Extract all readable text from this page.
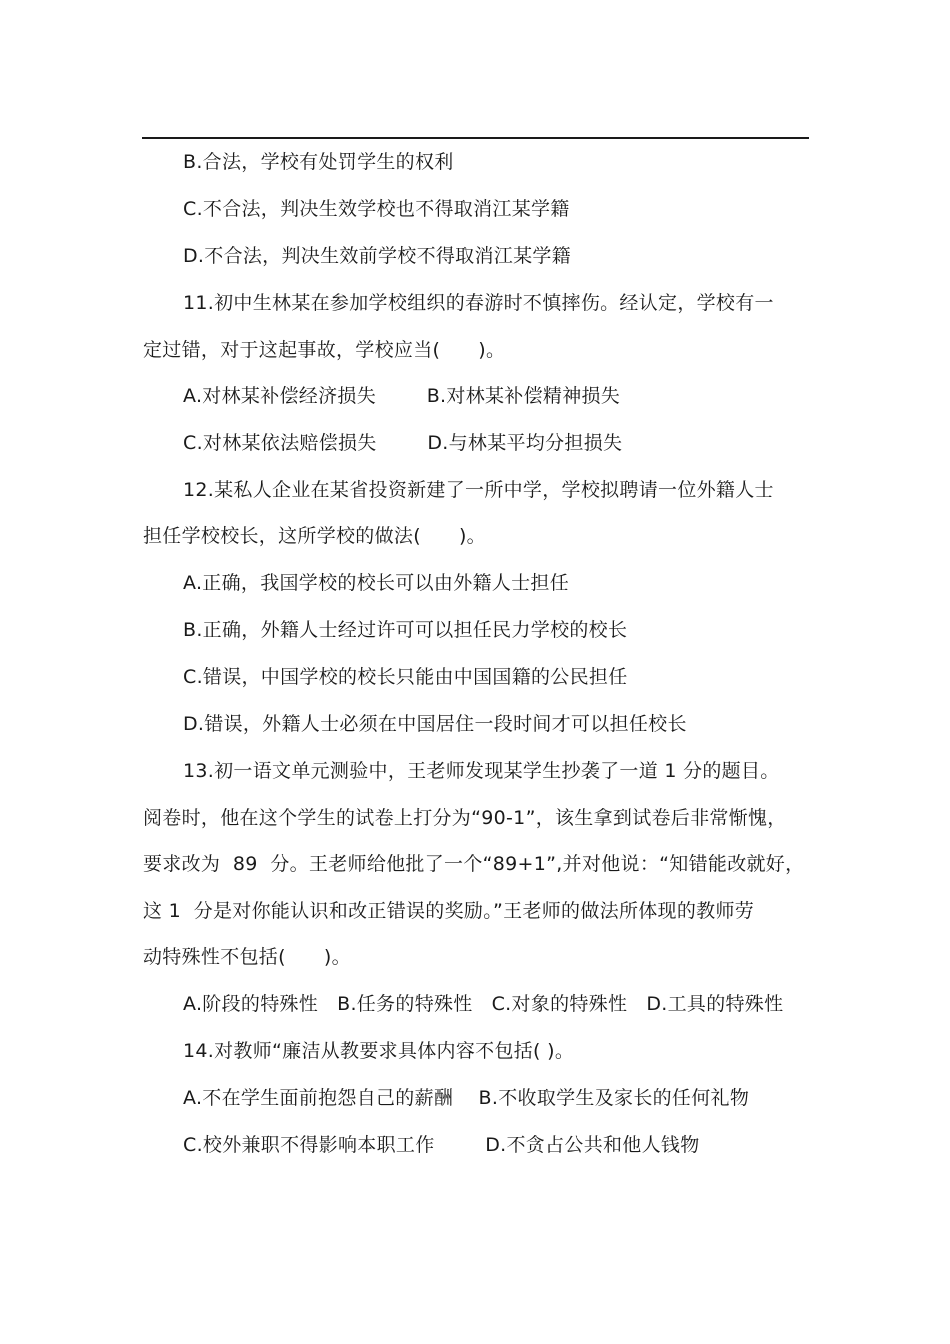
B.合法，学校有处罚学生的权利
C.不合法，判决生效学校也不得取消江某学籍
D.不合法，判决生效前学校不得取消江某学籍
11.初中生林某在参加学校组织的春游时不慎摔伤。经认定，学校有一
定过错，对于这起事故，学校应当(      )。
A.对林某补偿经济损失        B.对林某补偿精神损失
C.对林某依法赔偿损失        D.与林某平均分担损失
12.某私人企业在某省投资新建了一所中学，学校拟聘请一位外籍人士
担任学校校长，这所学校的做法(      )。
A.正确，我国学校的校长可以由外籍人士担任
B.正确，外籍人士经过许可可以担任民力学校的校长
C.错误，中国学校的校长只能由中国国籍的公民担任
D.错误，外籍人士必须在中国居住一段时间才可以担任校长
13.初一语文单元测验中，王老师发现某学生抄袭了一道 1 分的题目。
阅卷时，他在这个学生的试卷上打分为“90-1”，该生拿到试卷后非常惭愧，
要求改为  89  分。王老师给他批了一个“89+1”,并对他说：“知错能改就好，
这 1  分是对你能认识和改正错误的奖励。”王老师的做法所体现的教师劳
动特殊性不包括(      )。
A.阶段的特殊性   B.任务的特殊性   C.对象的特殊性   D.工具的特殊性
14.对教师“廉洁从教要求具体内容不包括( )。
A.不在学生面前抱怨自己的薪酬    B.不收取学生及家长的任何礼物
C.校外兼职不得影响本职工作        D.不贪占公共和他人钱物
